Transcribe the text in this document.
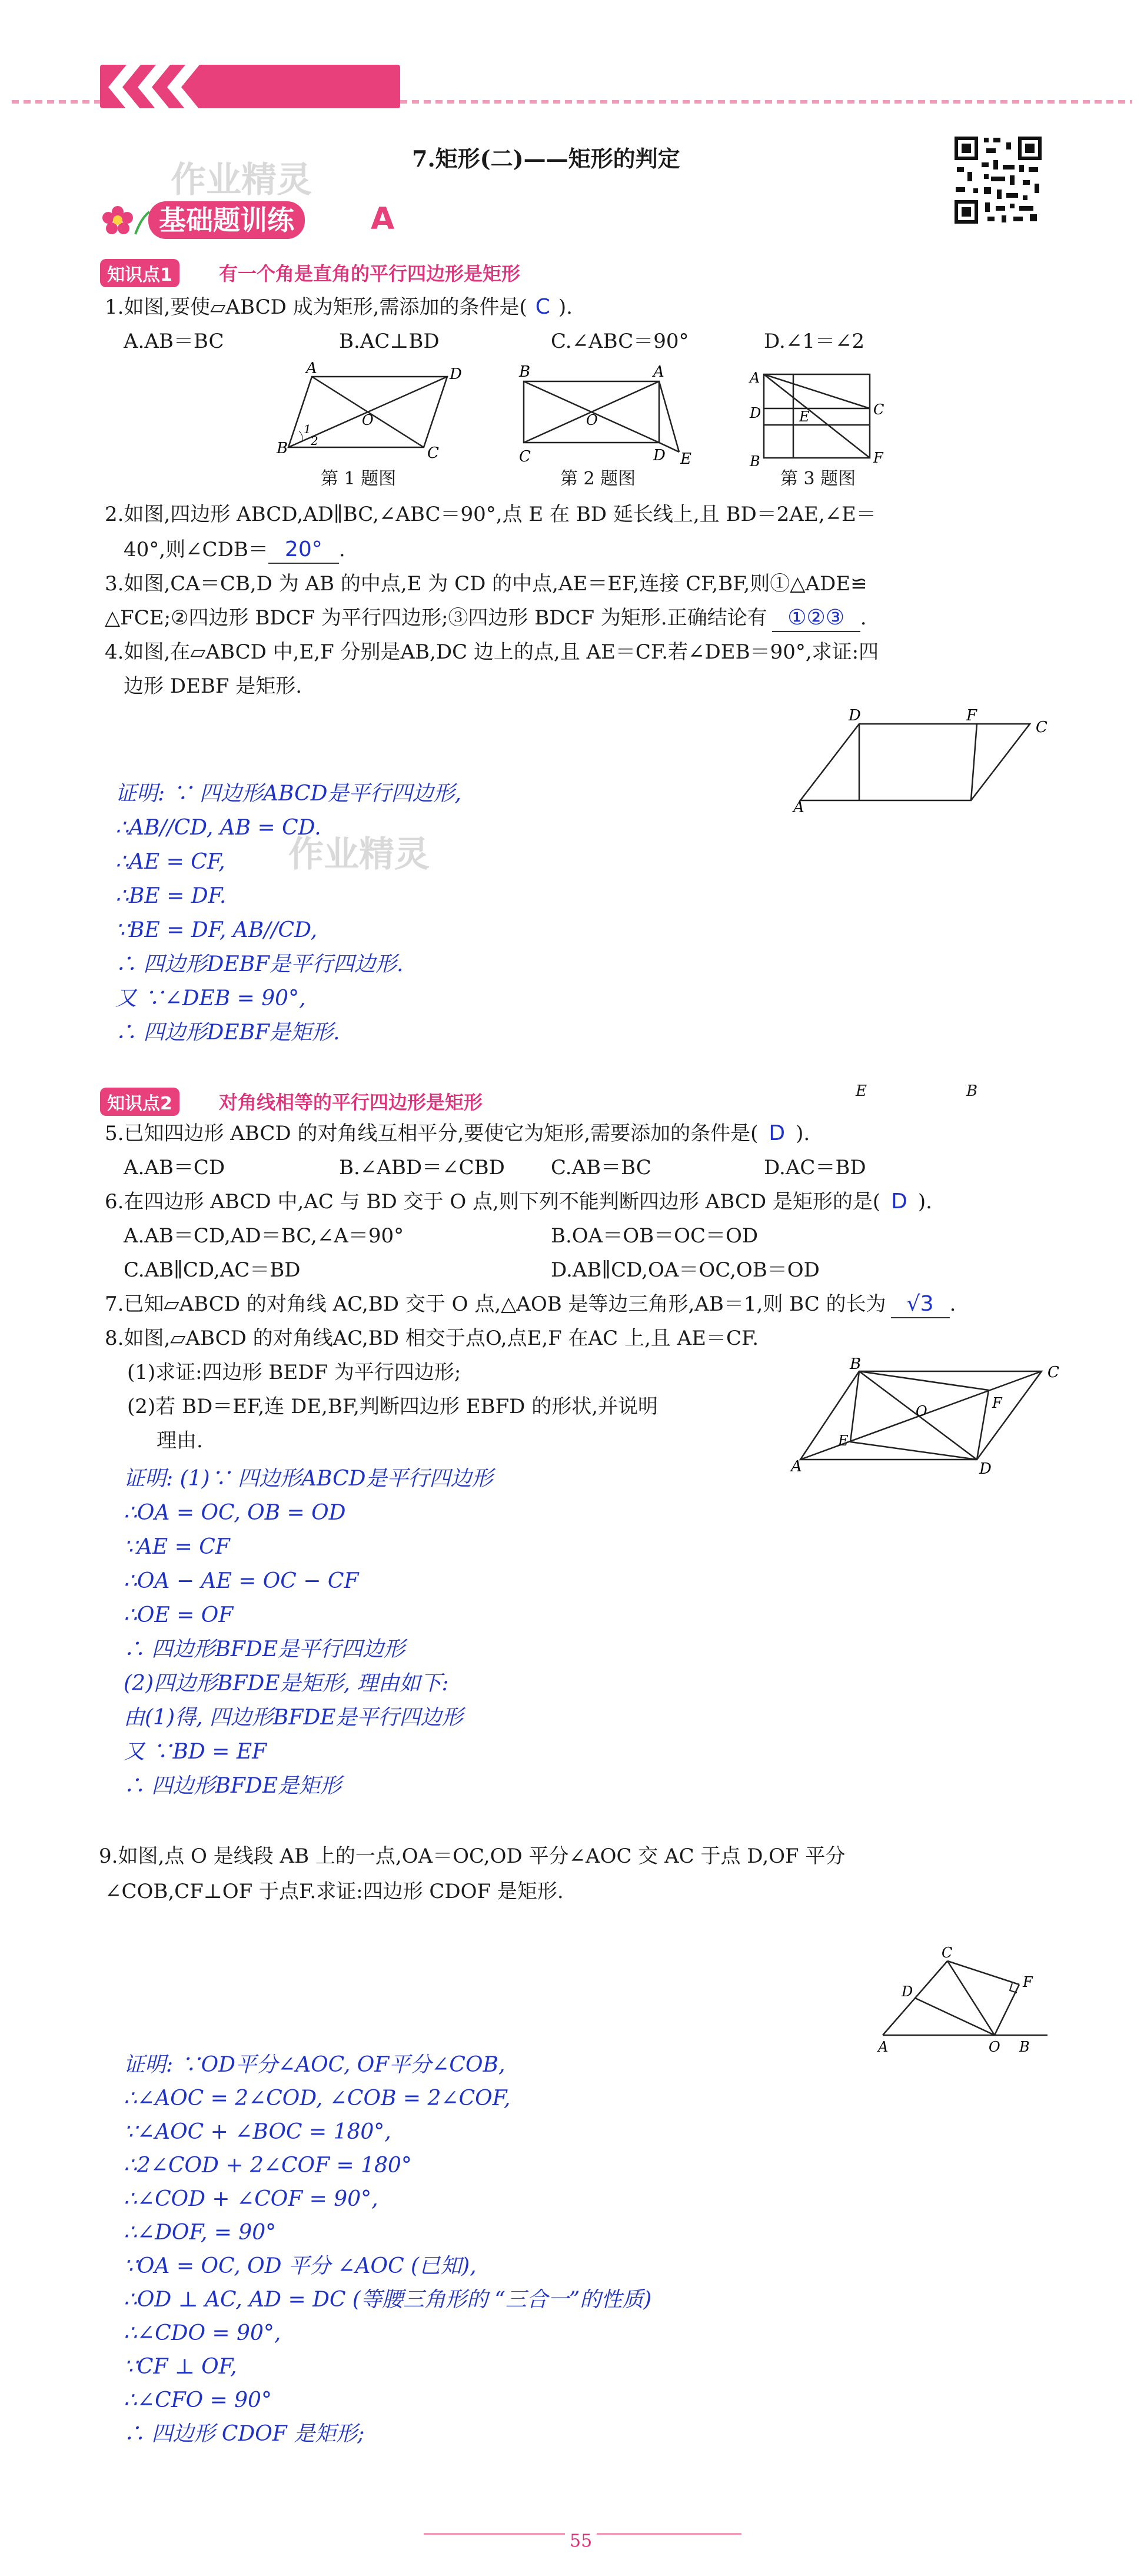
7.矩形(二)——矩形的判定
作业精灵
作业精灵
基础题训练	A
知识点1	有一个角是直角的平行四边形是矩形
1.如图,要使▱ABCD 成为矩形,需添加的条件是( C ).
A.AB＝BC	B.AC⊥BD	C.∠ABC＝90°	D.∠1＝∠2
A	D
B	C
O
1
2
B	A
C	D
O
E
A
B
D	C
E
F
第 1 题图	第 2 题图	第 3 题图
2.如图,四边形 ABCD,AD∥BC,∠ABC＝90°,点 E 在 BD 延长线上,且 BD＝2AE,∠E＝
40°,则∠CDB＝ 20° .
3.如图,CA＝CB,D 为 AB 的中点,E 为 CD 的中点,AE＝EF,连接 CF,BF,则①△ADE≌
△FCE;②四边形 BDCF 为平行四边形;③四边形 BDCF 为矩形.正确结论有 ①②③ .
4.如图,在▱ABCD 中,E,F 分别是AB,DC 边上的点,且 AE＝CF.若∠DEB＝90°,求证:四
边形 DEBF 是矩形.
D	F
C
A
证明: ∵ 四边形ABCD是平行四边形,
∴AB//CD, AB = CD.
∴AE = CF,
∴BE = DF.
∵BE = DF, AB//CD,
∴ 四边形DEBF是平行四边形.
又 ∵∠DEB = 90°,
∴ 四边形DEBF是矩形.
知识点2	对角线相等的平行四边形是矩形	E	B
5.已知四边形 ABCD 的对角线互相平分,要使它为矩形,需要添加的条件是( D ).
A.AB＝CD	B.∠ABD＝∠CBD C.AB＝BC	D.AC＝BD
6.在四边形 ABCD 中,AC 与 BD 交于 O 点,则下列不能判断四边形 ABCD 是矩形的是( D ).
A.AB＝CD,AD＝BC,∠A＝90°	B.OA＝OB＝OC＝OD
C.AB∥CD,AC＝BD	D.AB∥CD,OA＝OC,OB＝OD
7.已知▱ABCD 的对角线 AC,BD 交于 O 点,△AOB 是等边三角形,AB＝1,则 BC 的长为 √3 .
8.如图,▱ABCD 的对角线AC,BD 相交于点O,点E,F 在AC 上,且 AE＝CF.
(1)求证:四边形 BEDF 为平行四边形;
(2)若 BD＝EF,连 DE,BF,判断四边形 EBFD 的形状,并说明
理由.
B	C
O	F
E
A	D
证明: (1)∵ 四边形ABCD是平行四边形
∴OA = OC, OB = OD
∵AE = CF
∴OA − AE = OC − CF
∴OE = OF
∴ 四边形BFDE是平行四边形
(2)四边形BFDE是矩形, 理由如下:
由(1)得, 四边形BFDE是平行四边形
又 ∵BD = EF
∴ 四边形BFDE是矩形
9.如图,点 O 是线段 AB 上的一点,OA＝OC,OD 平分∠AOC 交 AC 于点 D,OF 平分
∠COB,CF⊥OF 于点F.求证:四边形 CDOF 是矩形.
C
D
F
A	O B
证明: ∵OD平分∠AOC, OF平分∠COB,
∴∠AOC = 2∠COD, ∠COB = 2∠COF,
∵∠AOC + ∠BOC = 180°,
∴2∠COD + 2∠COF = 180°
∴∠COD + ∠COF = 90°,
∴∠DOF, = 90°
∵OA = OC, OD 平分 ∠AOC (已知),
∴OD ⊥ AC, AD = DC (等腰三角形的 “三合一”的性质)
∴∠CDO = 90°,
∵CF ⊥ OF,
∴∠CFO = 90°
∴ 四边形 CDOF 是矩形;
55
